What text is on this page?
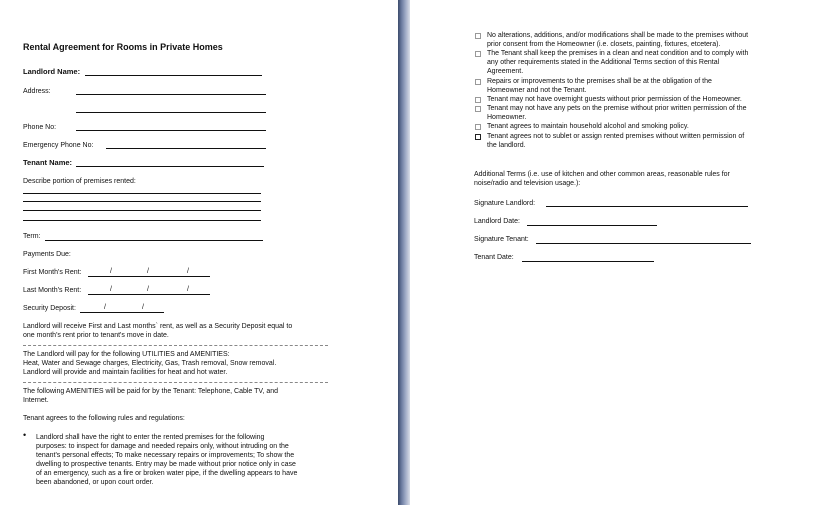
Rental Agreement for Rooms in Private Homes
Landlord Name:
Address:
Phone No:
Emergency Phone No:
Tenant Name:
Describe portion of premises rented:
Term:
Payments Due:
First Month's Rent:	/	/	/
Last Month's Rent:	/	/	/
Security Deposit:	/	/
Landlord will receive First and Last months` rent, as well as a Security Deposit equal to
one month's rent prior to tenant's move in date.
The Landlord will pay for the following UTILITIES and AMENITIES:
Heat, Water and Sewage charges, Electricity, Gas, Trash removal, Snow removal.
Landlord will provide and maintain facilities for heat and hot water.
The following AMENITIES will be paid for by the Tenant: Telephone, Cable TV, and
Internet.
Tenant agrees to the following rules and regulations:
• Landlord shall have the right to enter the rented premises for the following
purposes: to inspect for damage and needed repairs only, without intruding on the
tenant's personal effects; To make necessary repairs or improvements; To show the
dwelling to prospective tenants. Entry may be made without prior notice only in case
of an emergency, such as a fire or broken water pipe, if the dwelling appears to have
been abandoned, or upon court order.
No alterations, additions, and/or modifications shall be made to the premises without
prior consent from the Homeowner (i.e. closets, painting, fixtures, etcetera).
The Tenant shall keep the premises in a clean and neat condition and to comply with
any other requirements stated in the Additional Terms section of this Rental
Agreement.
Repairs or improvements to the premises shall be at the obligation of the
Homeowner and not the Tenant.
Tenant may not have overnight guests without prior permission of the Homeowner.
Tenant may not have any pets on the premise without prior written permission of the
Homeowner.
Tenant agrees to maintain household alcohol and smoking policy.
Tenant agrees not to sublet or assign rented premises without written permission of
the landlord.
Additional Terms (i.e. use of kitchen and other common areas, reasonable rules for
noise/radio and television usage.):
Signature Landlord:
Landlord Date:
Signature Tenant:
Tenant Date:
